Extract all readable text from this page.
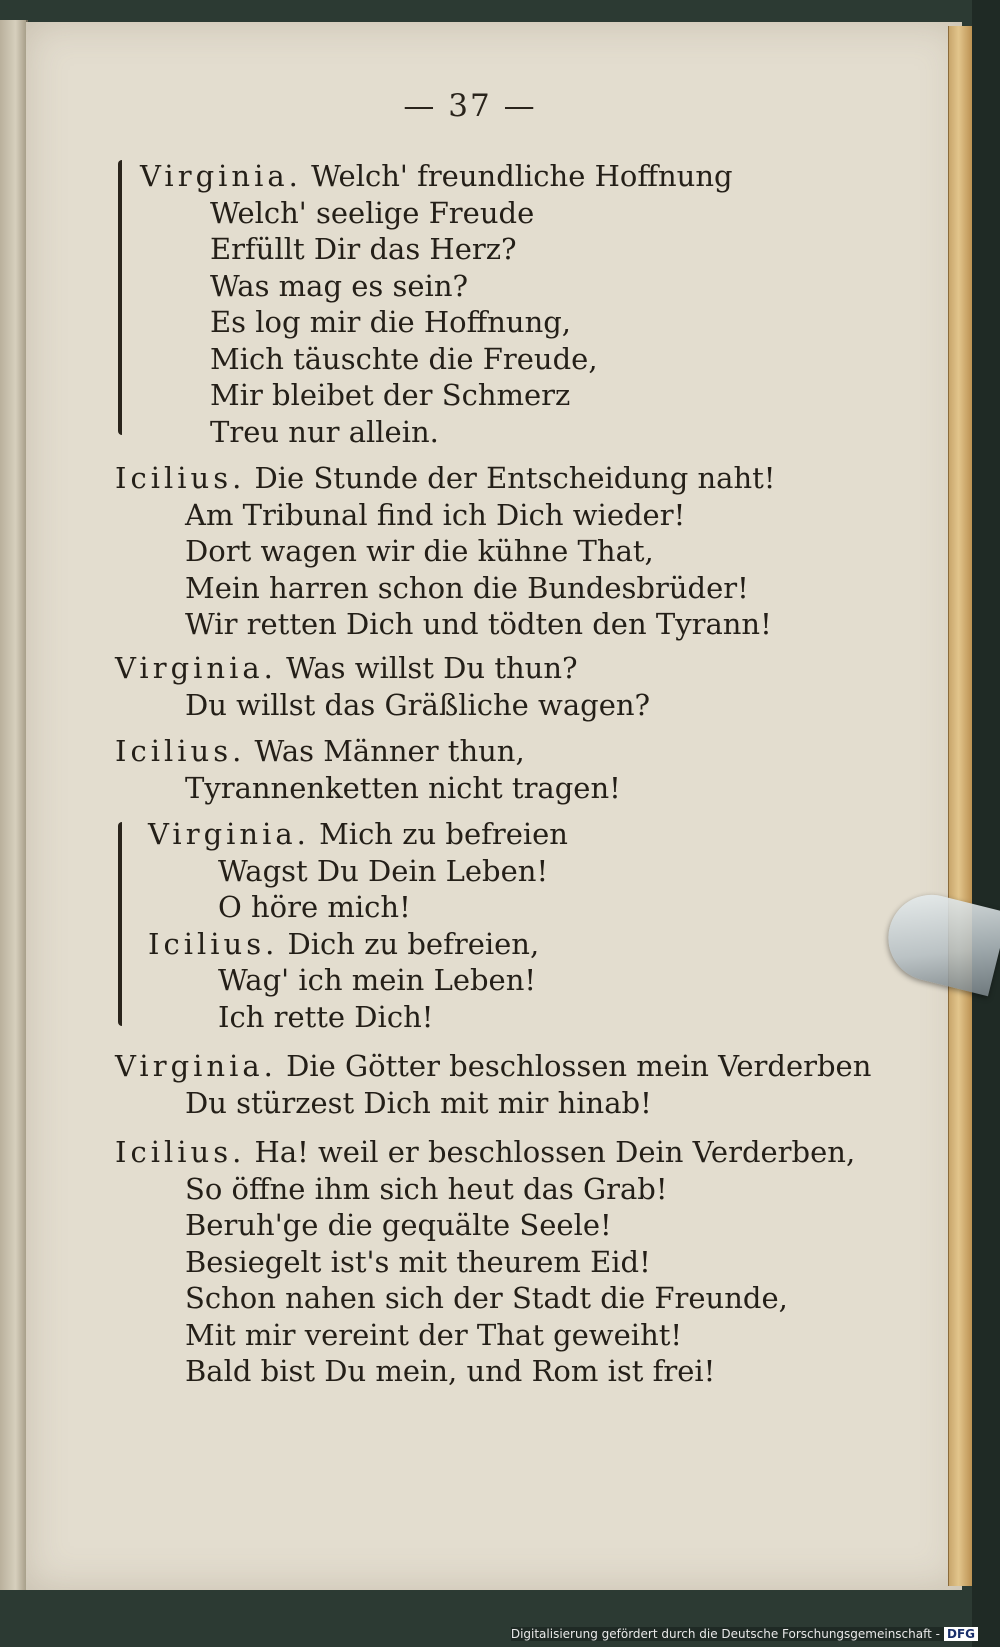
— 37 —
Virginia. Welch' freundliche Hoffnung
Welch' seelige Freude
Erfüllt Dir das Herz?
Was mag es sein?
Es log mir die Hoffnung,
Mich täuschte die Freude,
Mir bleibet der Schmerz
Treu nur allein.
Icilius. Die Stunde der Entscheidung naht!
Am Tribunal find ich Dich wieder!
Dort wagen wir die kühne That,
Mein harren schon die Bundesbrüder!
Wir retten Dich und tödten den Tyrann!
Virginia. Was willst Du thun?
Du willst das Gräßliche wagen?
Icilius. Was Männer thun,
Tyrannenketten nicht tragen!
Virginia. Mich zu befreien
Wagst Du Dein Leben!
O höre mich!
Icilius. Dich zu befreien,
Wag' ich mein Leben!
Ich rette Dich!
Virginia. Die Götter beschlossen mein Verderben
Du stürzest Dich mit mir hinab!
Icilius. Ha! weil er beschlossen Dein Verderben,
So öffne ihm sich heut das Grab!
Beruh'ge die gequälte Seele!
Besiegelt ist's mit theurem Eid!
Schon nahen sich der Stadt die Freunde,
Mit mir vereint der That geweiht!
Bald bist Du mein, und Rom ist frei!
Digitalisierung gefördert durch die Deutsche Forschungsgemeinschaft - DFG
